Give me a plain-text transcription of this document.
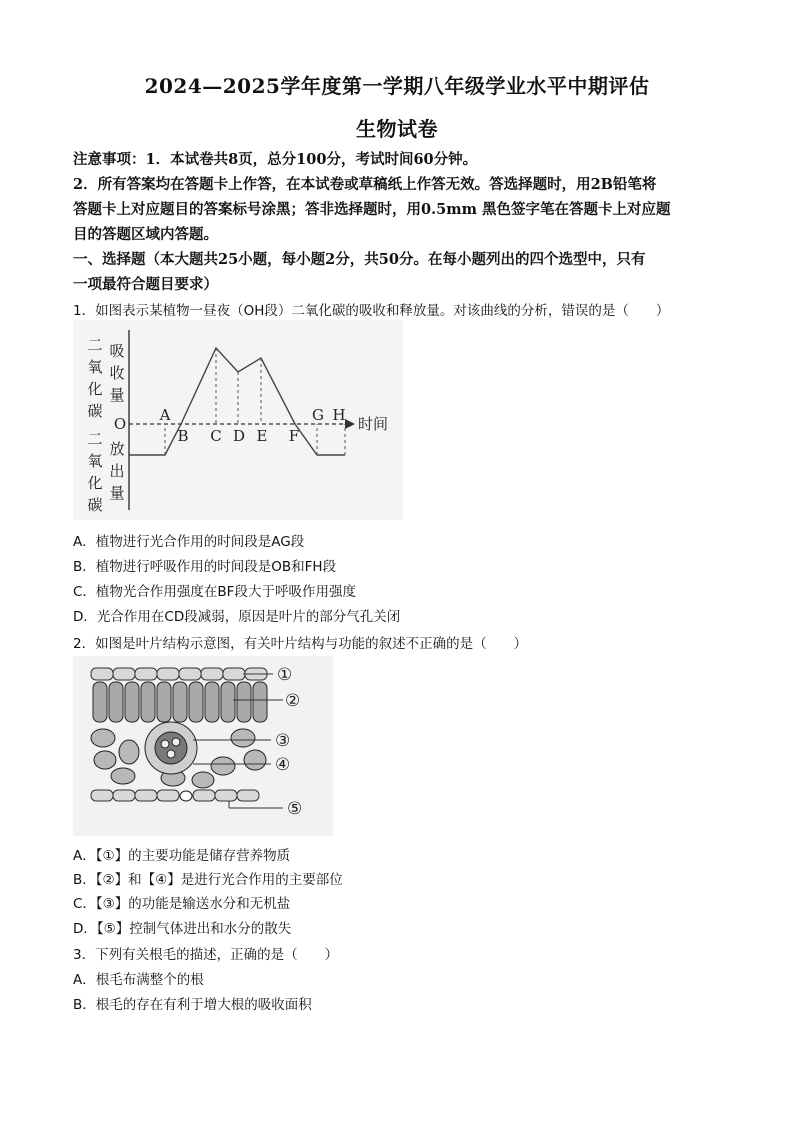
2024—2025学年度第一学期八年级学业水平中期评估
生物试卷
注意事项：1．本试卷共8页，总分100分，考试时间60分钟。
2．所有答案均在答题卡上作答，在本试卷或草稿纸上作答无效。答选择题时，用2B铅笔将
答题卡上对应题目的答案标号涂黑；答非选择题时，用0.5mm 黑色签字笔在答题卡上对应题
目的答题区域内答题。
一、选择题（本大题共25小题，每小题2分，共50分。在每小题列出的四个选型中，只有
一项最符合题目要求）
1．如图表示某植物一昼夜（OH段）二氧化碳的吸收和释放量。对该曲线的分析，错误的是（　　）
二
氧
化
碳
吸
收
量
O
二
氧
化
碳
放
出
量
A
B C D E F
G H 时间
A．植物进行光合作用的时间段是AG段
B．植物进行呼吸作用的时间段是OB和FH段
C．植物光合作用强度在BF段大于呼吸作用强度
D．光合作用在CD段减弱，原因是叶片的部分气孔关闭
2．如图是叶片结构示意图，有关叶片结构与功能的叙述不正确的是（　　）
①
②
③
④
⑤
A．【①】的主要功能是储存营养物质
B．【②】和【④】是进行光合作用的主要部位
C．【③】的功能是输送水分和无机盐
D．【⑤】控制气体进出和水分的散失
3．下列有关根毛的描述，正确的是（　　）
A．根毛布满整个的根
B．根毛的存在有利于增大根的吸收面积
